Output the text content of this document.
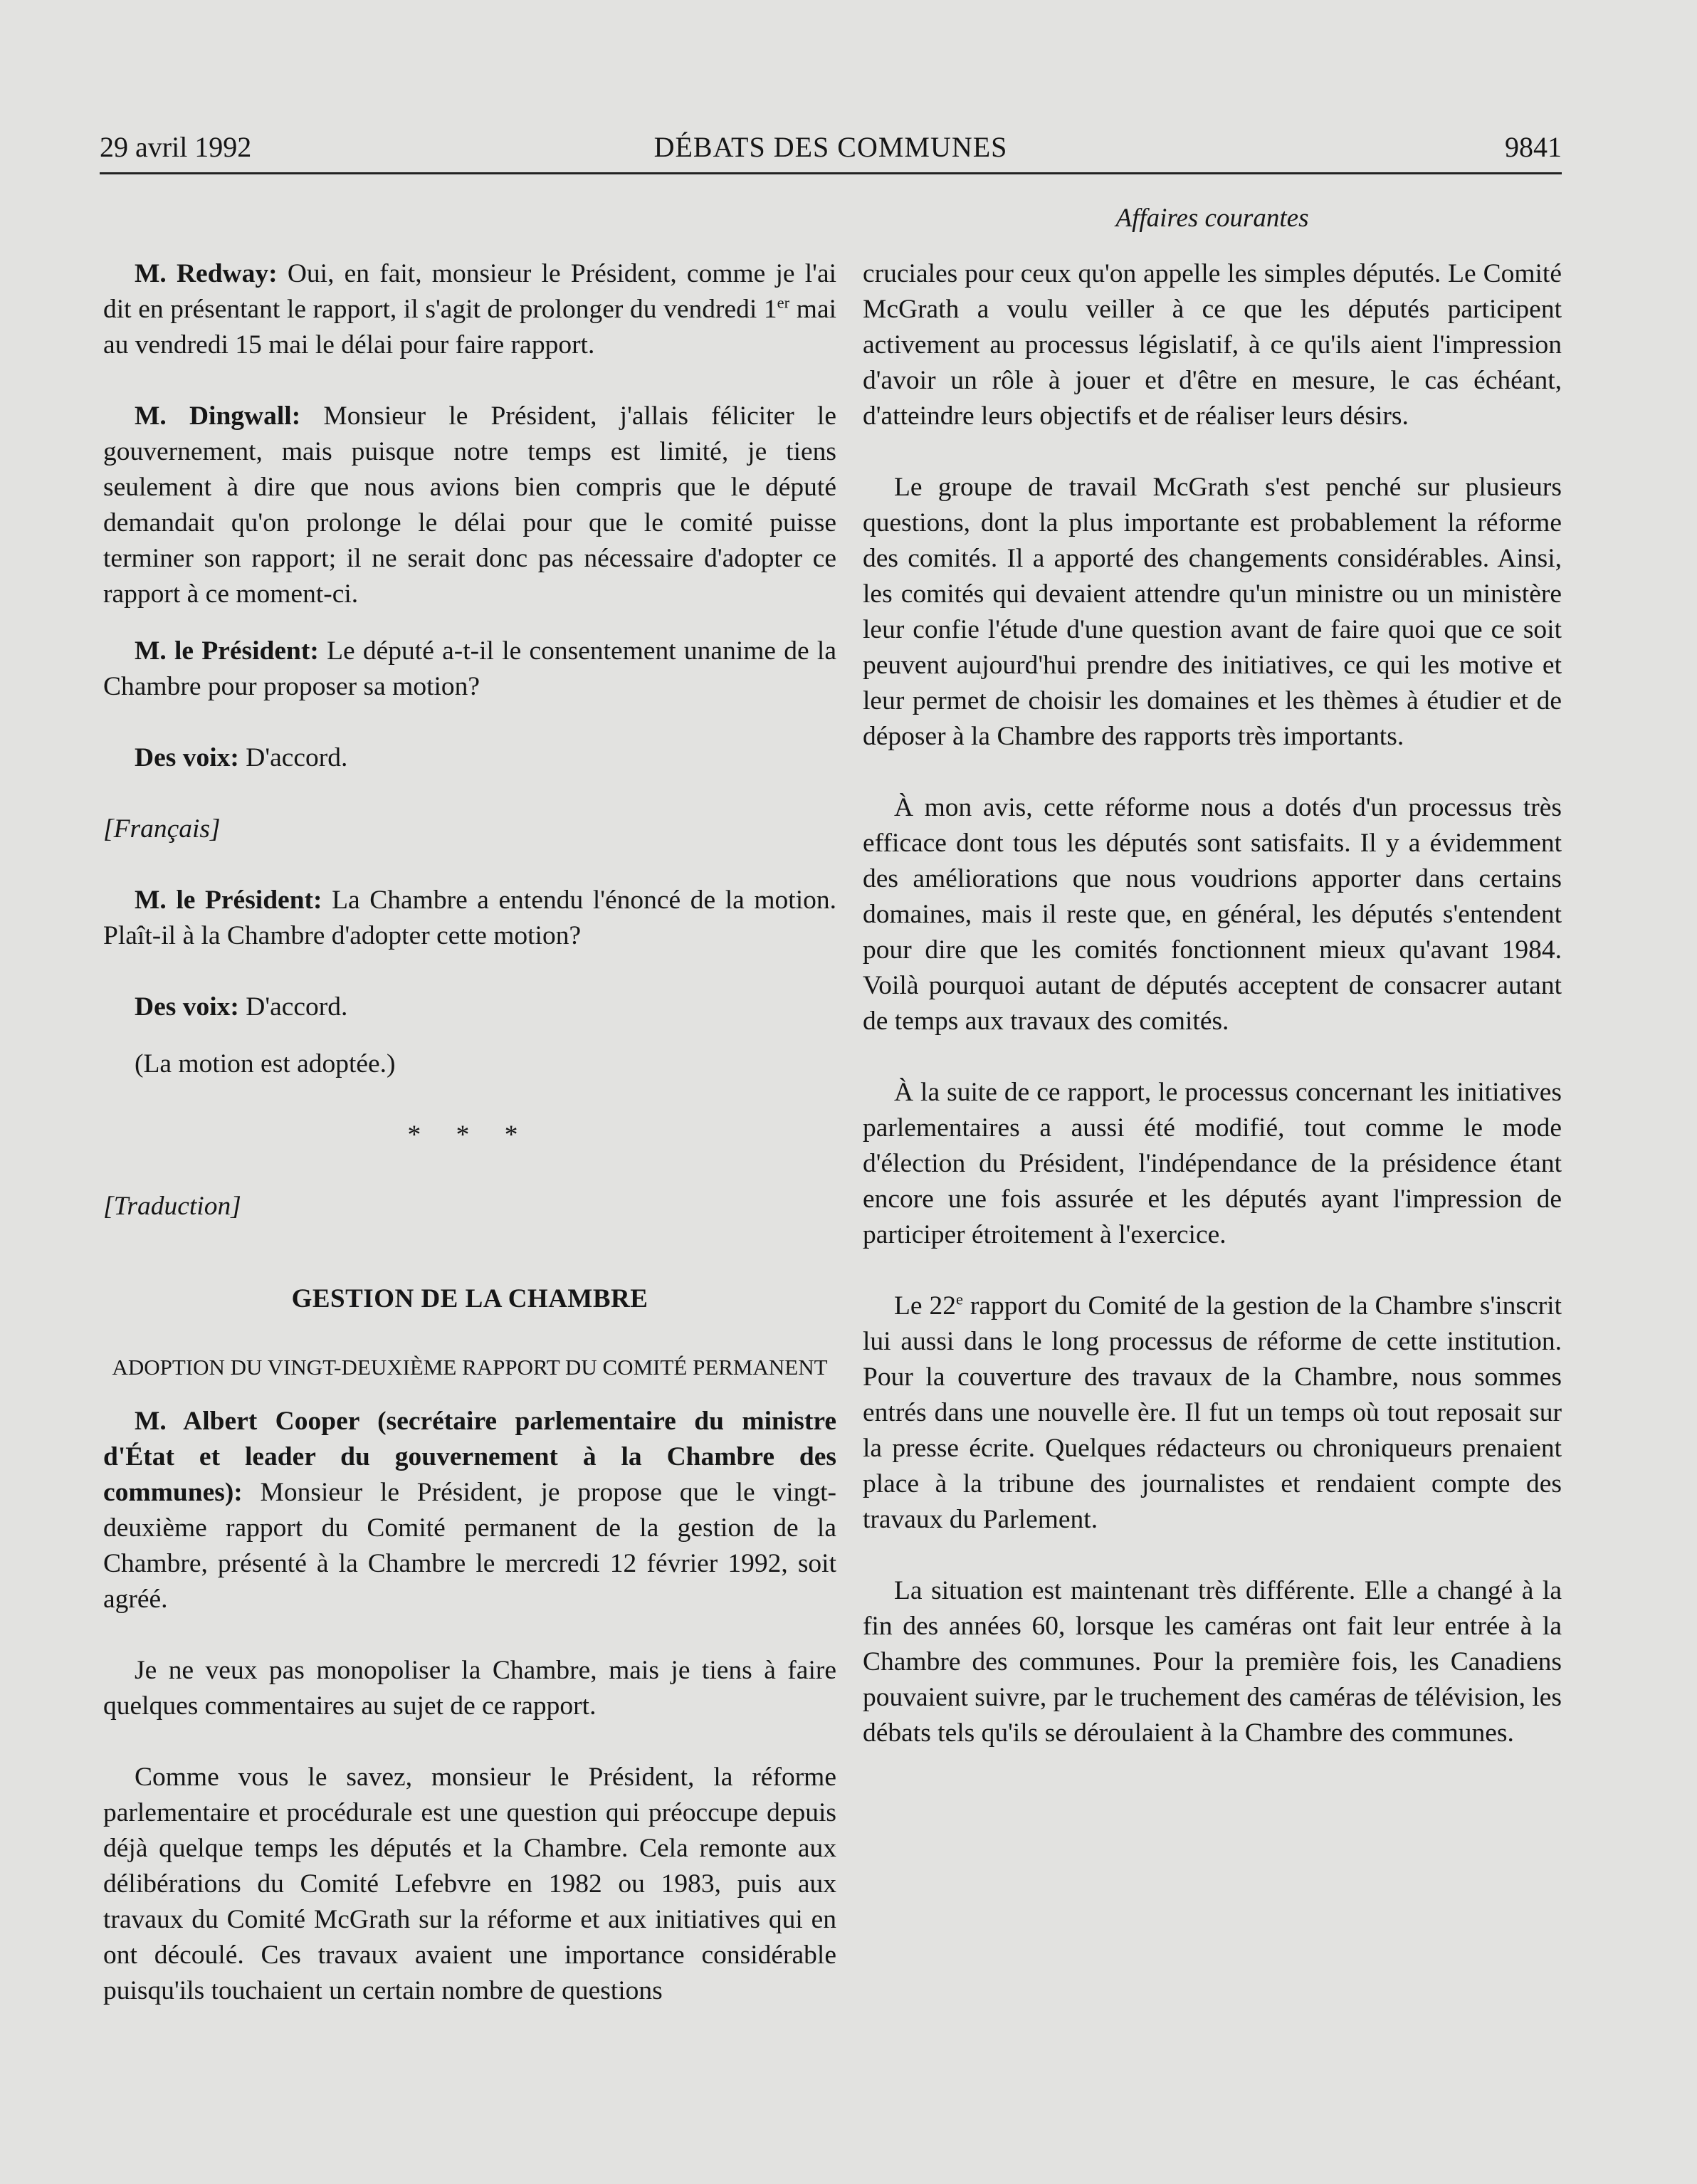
29 avril 1992	DÉBATS DES COMMUNES	9841
Affaires courantes

M. Redway: Oui, en fait, monsieur le Président, comme je l'ai dit en présentant le rapport, il s'agit de prolonger du vendredi 1er mai au vendredi 15 mai le délai pour faire rapport.

M. Dingwall: Monsieur le Président, j'allais féliciter le gouvernement, mais puisque notre temps est limité, je tiens seulement à dire que nous avions bien compris que le député demandait qu'on prolonge le délai pour que le comité puisse terminer son rapport; il ne serait donc pas nécessaire d'adopter ce rapport à ce moment-ci.

M. le Président: Le député a-t-il le consentement unanime de la Chambre pour proposer sa motion?

Des voix: D'accord.

[Français]

M. le Président: La Chambre a entendu l'énoncé de la motion. Plaît-il à la Chambre d'adopter cette motion?

Des voix: D'accord.

(La motion est adoptée.)

* * *

[Traduction]

GESTION DE LA CHAMBRE

ADOPTION DU VINGT-DEUXIÈME RAPPORT DU COMITÉ PERMANENT

M. Albert Cooper (secrétaire parlementaire du ministre d'État et leader du gouvernement à la Chambre des communes): Monsieur le Président, je propose que le vingt-deuxième rapport du Comité permanent de la gestion de la Chambre, présenté à la Chambre le mercredi 12 février 1992, soit agréé.

Je ne veux pas monopoliser la Chambre, mais je tiens à faire quelques commentaires au sujet de ce rapport.

Comme vous le savez, monsieur le Président, la réforme parlementaire et procédurale est une question qui préoccupe depuis déjà quelque temps les députés et la Chambre. Cela remonte aux délibérations du Comité Lefebvre en 1982 ou 1983, puis aux travaux du Comité McGrath sur la réforme et aux initiatives qui en ont découlé. Ces travaux avaient une importance considérable puisqu'ils touchaient un certain nombre de questions

cruciales pour ceux qu'on appelle les simples députés. Le Comité McGrath a voulu veiller à ce que les députés participent activement au processus législatif, à ce qu'ils aient l'impression d'avoir un rôle à jouer et d'être en mesure, le cas échéant, d'atteindre leurs objectifs et de réaliser leurs désirs.

Le groupe de travail McGrath s'est penché sur plusieurs questions, dont la plus importante est probablement la réforme des comités. Il a apporté des changements considérables. Ainsi, les comités qui devaient attendre qu'un ministre ou un ministère leur confie l'étude d'une question avant de faire quoi que ce soit peuvent aujourd'hui prendre des initiatives, ce qui les motive et leur permet de choisir les domaines et les thèmes à étudier et de déposer à la Chambre des rapports très importants.

À mon avis, cette réforme nous a dotés d'un processus très efficace dont tous les députés sont satisfaits. Il y a évidemment des améliorations que nous voudrions apporter dans certains domaines, mais il reste que, en général, les députés s'entendent pour dire que les comités fonctionnent mieux qu'avant 1984. Voilà pourquoi autant de députés acceptent de consacrer autant de temps aux travaux des comités.

À la suite de ce rapport, le processus concernant les initiatives parlementaires a aussi été modifié, tout comme le mode d'élection du Président, l'indépendance de la présidence étant encore une fois assurée et les députés ayant l'impression de participer étroitement à l'exercice.

Le 22e rapport du Comité de la gestion de la Chambre s'inscrit lui aussi dans le long processus de réforme de cette institution. Pour la couverture des travaux de la Chambre, nous sommes entrés dans une nouvelle ère. Il fut un temps où tout reposait sur la presse écrite. Quelques rédacteurs ou chroniqueurs prenaient place à la tribune des journalistes et rendaient compte des travaux du Parlement.

La situation est maintenant très différente. Elle a changé à la fin des années 60, lorsque les caméras ont fait leur entrée à la Chambre des communes. Pour la première fois, les Canadiens pouvaient suivre, par le truchement des caméras de télévision, les débats tels qu'ils se déroulaient à la Chambre des communes.
